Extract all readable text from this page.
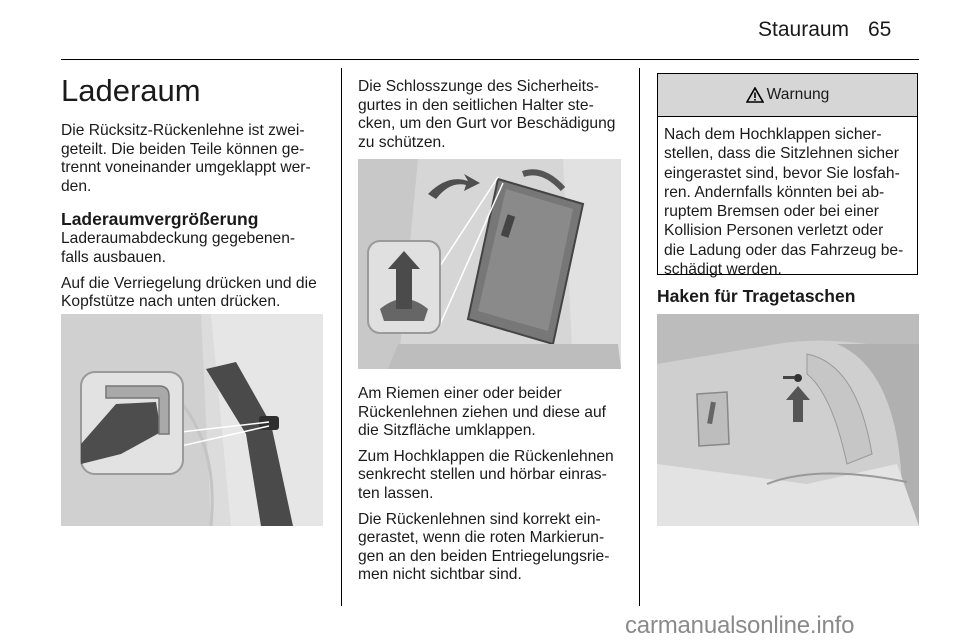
Stauraum 65
Laderaum

Die Rücksitz-Rückenlehne ist zwei-
geteilt. Die beiden Teile können ge-
trennt voneinander umgeklappt wer-
den.

Laderaumvergrößerung

Laderaumabdeckung gegebenen-
falls ausbauen.

Auf die Verriegelung drücken und die
Kopfstütze nach unten drücken.

Die Schlosszunge des Sicherheits-
gurtes in den seitlichen Halter ste-
cken, um den Gurt vor Beschädigung
zu schützen.

Am Riemen einer oder beider
Rückenlehnen ziehen und diese auf
die Sitzfläche umklappen.

Zum Hochklappen die Rückenlehnen
senkrecht stellen und hörbar einras-
ten lassen.

Die Rückenlehnen sind korrekt ein-
gerastet, wenn die roten Markierun-
gen an den beiden Entriegelungsrie-
men nicht sichtbar sind.

Warnung
Nach dem Hochklappen sicher-
stellen, dass die Sitzlehnen sicher
eingerastet sind, bevor Sie losfah-
ren. Andernfalls könnten bei ab-
ruptem Bremsen oder bei einer
Kollision Personen verletzt oder
die Ladung oder das Fahrzeug be-
schädigt werden.
Haken für Tragetaschen
carmanualsonline.info
